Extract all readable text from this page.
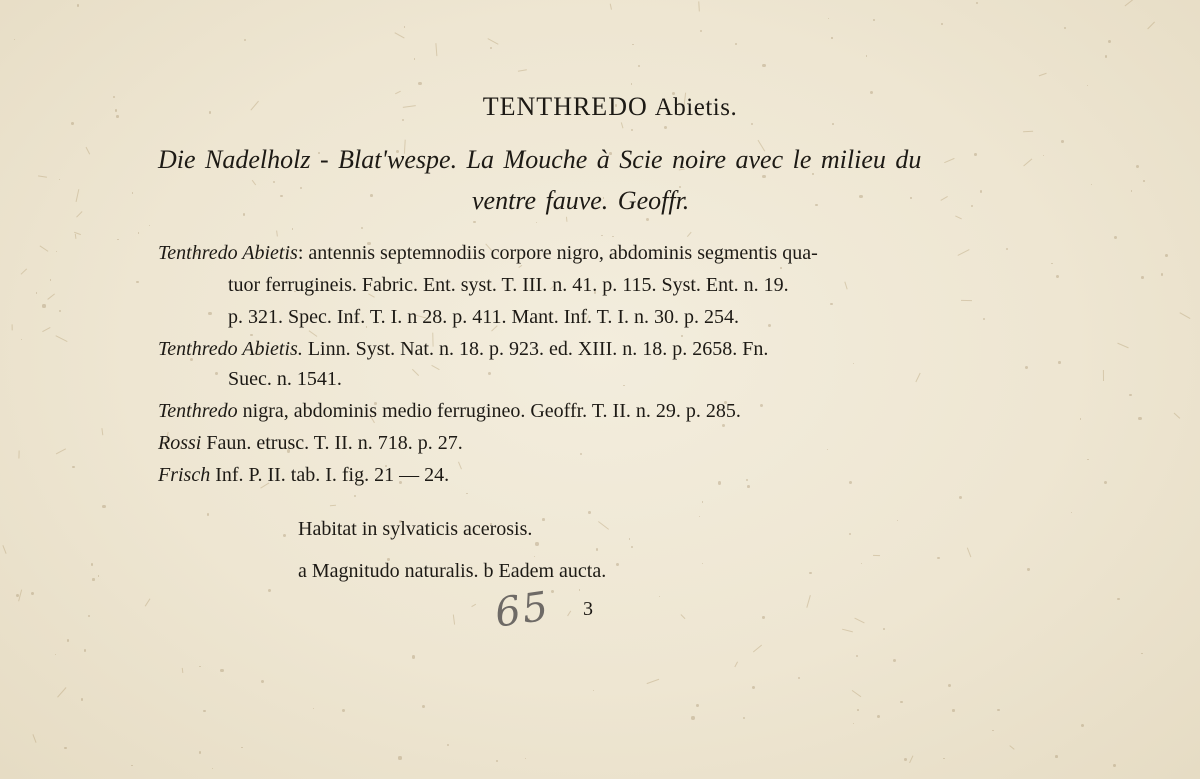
TENTHREDO Abietis.
Die Nadelholz - Blat'wespe. La Mouche à Scie noire avec le milieu du
ventre fauve. Geoffr.
Tenthredo Abietis: antennis septemnodiis corpore nigro, abdominis segmentis qua-
tuor ferrugineis. Fabric. Ent. syst. T. III. n. 41. p. 115. Syst. Ent. n. 19.
p. 321. Spec. Inf. T. I. n 28. p. 411. Mant. Inf. T. I. n. 30. p. 254.
Tenthredo Abietis. Linn. Syst. Nat. n. 18. p. 923. ed. XIII. n. 18. p. 2658. Fn.
Suec. n. 1541.
Tenthredo nigra, abdominis medio ferrugineo. Geoffr. T. II. n. 29. p. 285.
Rossi Faun. etrusc. T. II. n. 718. p. 27.
Frisch Inf. P. II. tab. I. fig. 21 — 24.
Habitat in sylvaticis acerosis.
a Magnitudo naturalis. b Eadem aucta.
65 3
